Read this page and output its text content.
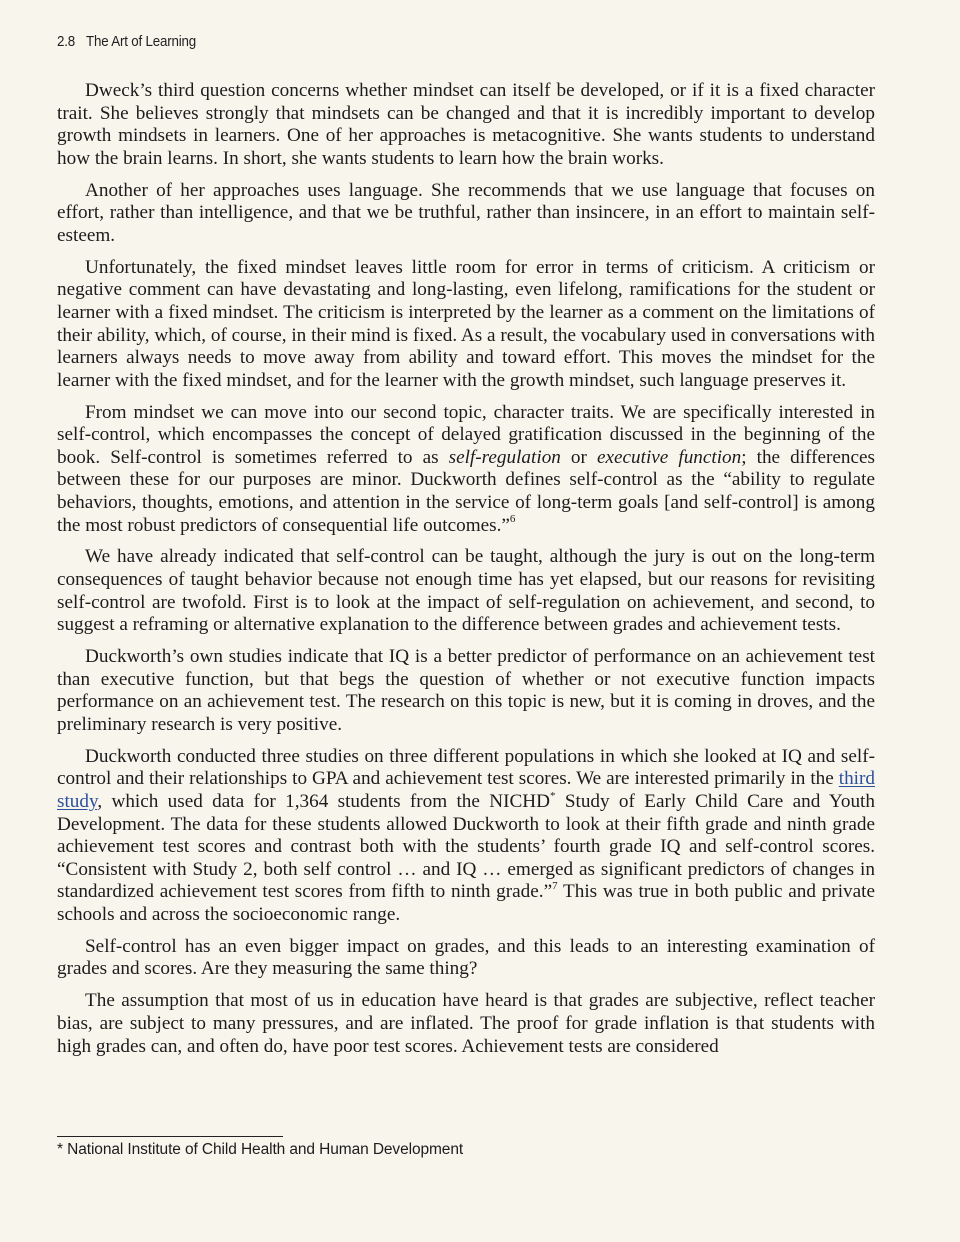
2.8 The Art of Learning

Dweck’s third question concerns whether mindset can itself be developed, or if it is a fixed character trait. She believes strongly that mindsets can be changed and that it is incredibly important to develop growth mindsets in learners. One of her approaches is metacognitive. She wants students to understand how the brain learns. In short, she wants students to learn how the brain works.

Another of her approaches uses language. She recommends that we use language that focuses on effort, rather than intelligence, and that we be truthful, rather than insincere, in an effort to maintain self-esteem.

Unfortunately, the fixed mindset leaves little room for error in terms of criticism. A criticism or negative comment can have devastating and long-lasting, even lifelong, ramifications for the student or learner with a fixed mindset. The criticism is interpreted by the learner as a comment on the limitations of their ability, which, of course, in their mind is fixed. As a result, the vocabulary used in conversations with learners always needs to move away from ability and toward effort. This moves the mindset for the learner with the fixed mindset, and for the learner with the growth mindset, such language preserves it.

From mindset we can move into our second topic, character traits. We are specifically interested in self-control, which encompasses the concept of delayed gratification discussed in the beginning of the book. Self-control is sometimes referred to as self-regulation or executive function; the differences between these for our purposes are minor. Duckworth defines self-control as the “ability to regulate behaviors, thoughts, emotions, and attention in the service of long-term goals [and self-control] is among the most robust predictors of consequential life outcomes.”$^6$

We have already indicated that self-control can be taught, although the jury is out on the long-term consequences of taught behavior because not enough time has yet elapsed, but our reasons for revisiting self-control are twofold. First is to look at the impact of self-regulation on achievement, and second, to suggest a reframing or alternative explanation to the difference between grades and achievement tests.

Duckworth’s own studies indicate that IQ is a better predictor of performance on an achievement test than executive function, but that begs the question of whether or not executive function impacts performance on an achievement test. The research on this topic is new, but it is coming in droves, and the preliminary research is very positive.

Duckworth conducted three studies on three different populations in which she looked at IQ and self-control and their relationships to GPA and achievement test scores. We are interested primarily in the third study, which used data for 1,364 students from the NICHD* Study of Early Child Care and Youth Development. The data for these students allowed Duckworth to look at their fifth grade and ninth grade achievement test scores and contrast both with the students’ fourth grade IQ and self-control scores. “Consistent with Study 2, both self control … and IQ … emerged as significant predictors of changes in standardized achievement test scores from fifth to ninth grade.”$^7$ This was true in both public and private schools and across the socioeconomic range.

Self-control has an even bigger impact on grades, and this leads to an interesting examination of grades and scores. Are they measuring the same thing?

The assumption that most of us in education have heard is that grades are subjective, reflect teacher bias, are subject to many pressures, and are inflated. The proof for grade inflation is that students with high grades can, and often do, have poor test scores. Achievement tests are considered

* National Institute of Child Health and Human Development
